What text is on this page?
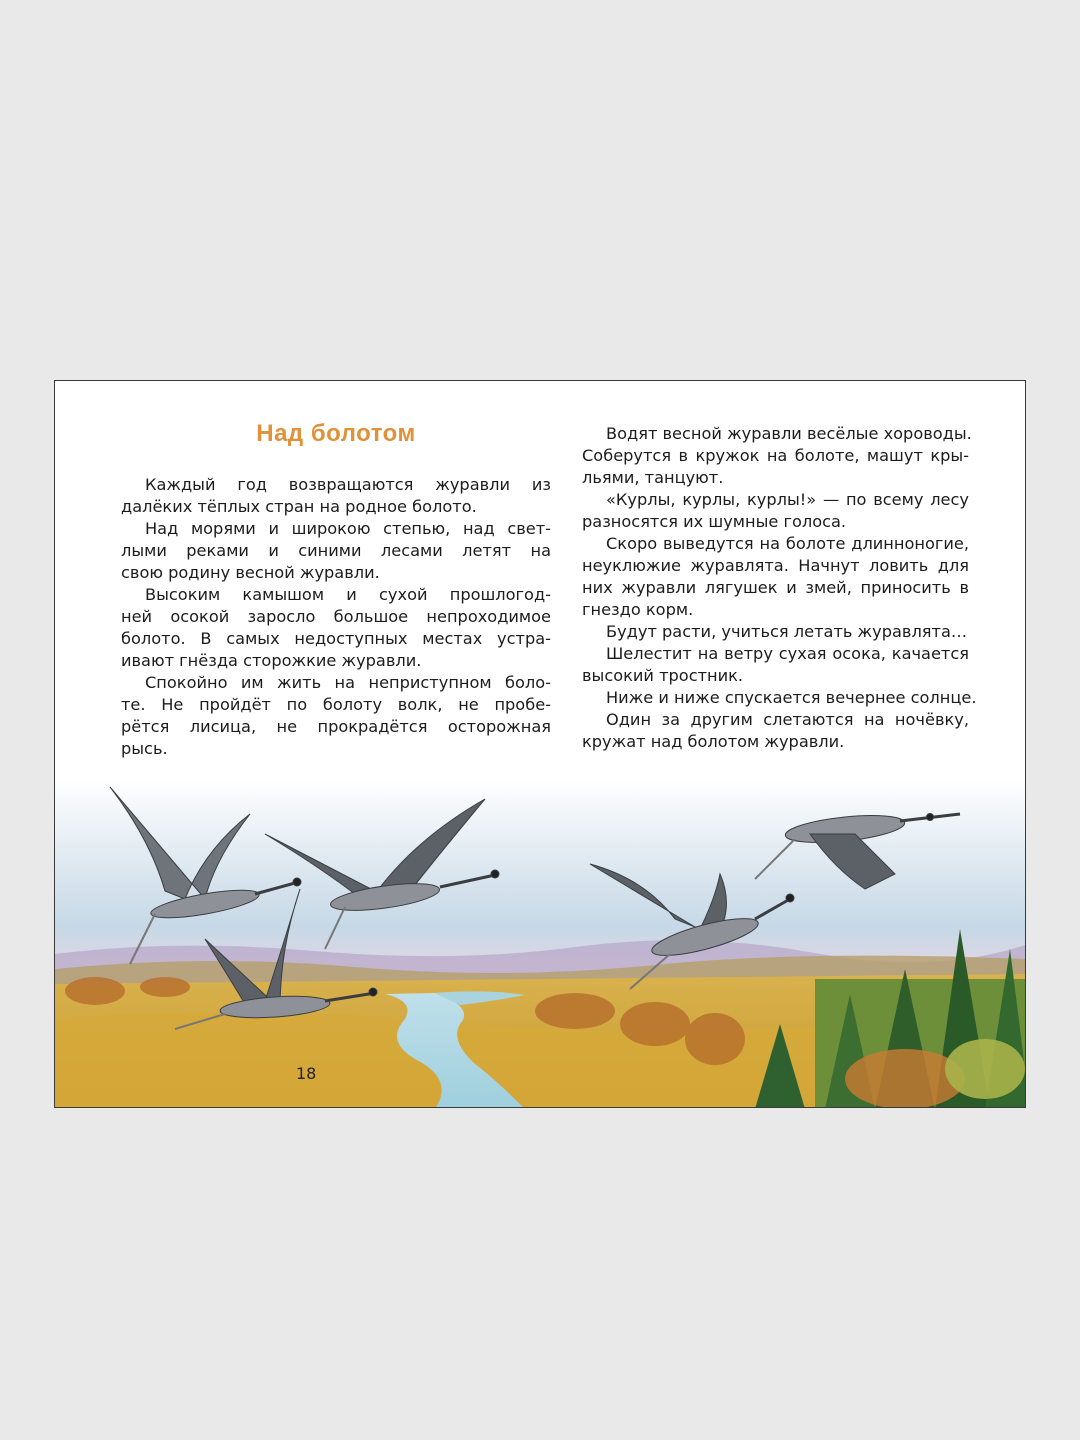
Над болотом
Каждый год возвращаются журавли из
далёких тёплых стран на родное болото.
Над морями и широкою степью, над свет-
лыми реками и синими лесами летят на
свою родину весной журавли.
Высоким камышом и сухой прошлогод-
ней осокой заросло большое непроходимое
болото. В самых недоступных местах устра-
ивают гнёзда сторожкие журавли.
Спокойно им жить на неприступном боло-
те. Не пройдёт по болоту волк, не пробе-
рётся лисица, не прокрадётся осторожная
рысь.
Водят весной журавли весёлые хороводы.
Соберутся в кружок на болоте, машут кры-
льями, танцуют.
«Курлы, курлы, курлы!» — по всему лесу
разносятся их шумные голоса.
Скоро выведутся на болоте длинноногие,
неуклюжие журавлята. Начнут ловить для
них журавли лягушек и змей, приносить в
гнездо корм.
Будут расти, учиться летать журавлята…
Шелестит на ветру сухая осока, качается
высокий тростник.
Ниже и ниже спускается вечернее солнце.
Один за другим слетаются на ночёвку,
кружат над болотом журавли.

18
